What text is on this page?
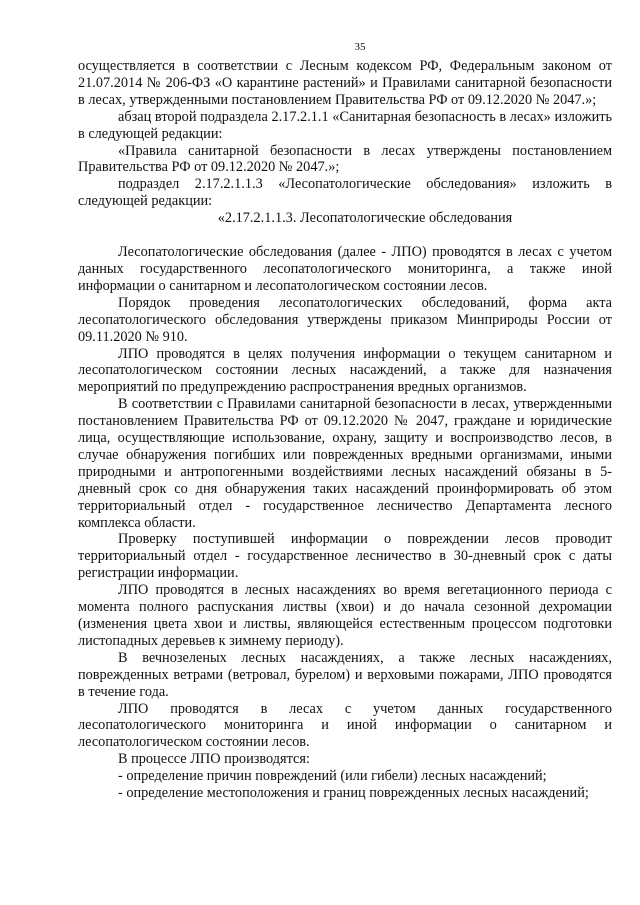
35

осуществляется в соответствии с Лесным кодексом РФ, Федеральным законом от 21.07.2014 № 206-ФЗ «О карантине растений» и Правилами санитарной безопасности в лесах, утвержденными постановлением Правительства РФ от 09.12.2020 № 2047.»;

абзац второй подраздела 2.17.2.1.1 «Санитарная безопасность в лесах» изложить в следующей редакции:

«Правила санитарной безопасности в лесах утверждены постановлением Правительства РФ от 09.12.2020 № 2047.»;

подраздел 2.17.2.1.1.3 «Лесопатологические обследования» изложить в следующей редакции:

«2.17.2.1.1.3. Лесопатологические обследования

Лесопатологические обследования (далее - ЛПО) проводятся в лесах с учетом данных государственного лесопатологического мониторинга, а также иной информации о санитарном и лесопатологическом состоянии лесов.

Порядок проведения лесопатологических обследований, форма акта лесопатологического обследования утверждены приказом Минприроды России от 09.11.2020 № 910.

ЛПО проводятся в целях получения информации о текущем санитарном и лесопатологическом состоянии лесных насаждений, а также для назначения мероприятий по предупреждению распространения вредных организмов.

В соответствии с Правилами санитарной безопасности в лесах, утвержденными постановлением Правительства РФ от 09.12.2020 № 2047, граждане и юридические лица, осуществляющие использование, охрану, защиту и воспроизводство лесов, в случае обнаружения погибших или поврежденных вредными организмами, иными природными и антропогенными воздействиями лесных насаждений обязаны в 5-дневный срок со дня обнаружения таких насаждений проинформировать об этом территориальный отдел - государственное лесничество Департамента лесного комплекса области.

Проверку поступившей информации о повреждении лесов проводит территориальный отдел - государственное лесничество в 30-дневный срок с даты регистрации информации.

ЛПО проводятся в лесных насаждениях во время вегетационного периода с момента полного распускания листвы (хвои) и до начала сезонной дехромации (изменения цвета хвои и листвы, являющейся естественным процессом подготовки листопадных деревьев к зимнему периоду).

В вечнозеленых лесных насаждениях, а также лесных насаждениях, поврежденных ветрами (ветровал, бурелом) и верховыми пожарами, ЛПО проводятся в течение года.

ЛПО проводятся в лесах с учетом данных государственного лесопатологического мониторинга и иной информации о санитарном и лесопатологическом состоянии лесов.

В процессе ЛПО производятся:

- определение причин повреждений (или гибели) лесных насаждений;

- определение местоположения и границ поврежденных лесных насаждений;
